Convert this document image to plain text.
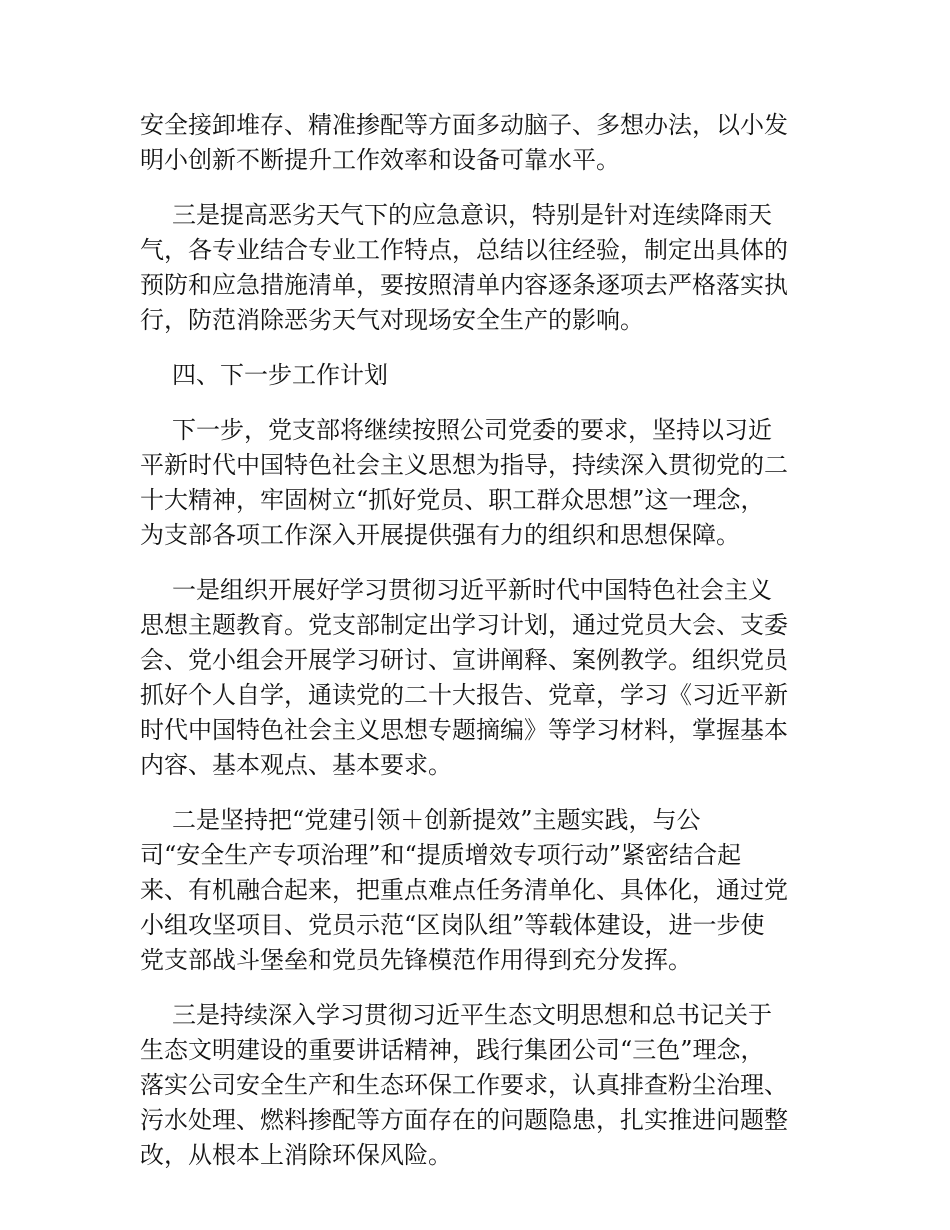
安全接卸堆存、精准掺配等方面多动脑子、多想办法，以小发
明小创新不断提升工作效率和设备可靠水平。

三是提高恶劣天气下的应急意识，特别是针对连续降雨天
气，各专业结合专业工作特点，总结以往经验，制定出具体的
预防和应急措施清单，要按照清单内容逐条逐项去严格落实执
行，防范消除恶劣天气对现场安全生产的影响。

四、下一步工作计划

下一步，党支部将继续按照公司党委的要求，坚持以习近
平新时代中国特色社会主义思想为指导，持续深入贯彻党的二
十大精神，牢固树立“抓好党员、职工群众思想”这一理念，
为支部各项工作深入开展提供强有力的组织和思想保障。

一是组织开展好学习贯彻习近平新时代中国特色社会主义
思想主题教育。党支部制定出学习计划，通过党员大会、支委
会、党小组会开展学习研讨、宣讲阐释、案例教学。组织党员
抓好个人自学，通读党的二十大报告、党章，学习《习近平新
时代中国特色社会主义思想专题摘编》等学习材料，掌握基本
内容、基本观点、基本要求。

二是坚持把“党建引领＋创新提效”主题实践，与公
司“安全生产专项治理”和“提质增效专项行动”紧密结合起
来、有机融合起来，把重点难点任务清单化、具体化，通过党
小组攻坚项目、党员示范“区岗队组”等载体建设，进一步使
党支部战斗堡垒和党员先锋模范作用得到充分发挥。

三是持续深入学习贯彻习近平生态文明思想和总书记关于
生态文明建设的重要讲话精神，践行集团公司“三色”理念，
落实公司安全生产和生态环保工作要求，认真排查粉尘治理、
污水处理、燃料掺配等方面存在的问题隐患，扎实推进问题整
改，从根本上消除环保风险。
